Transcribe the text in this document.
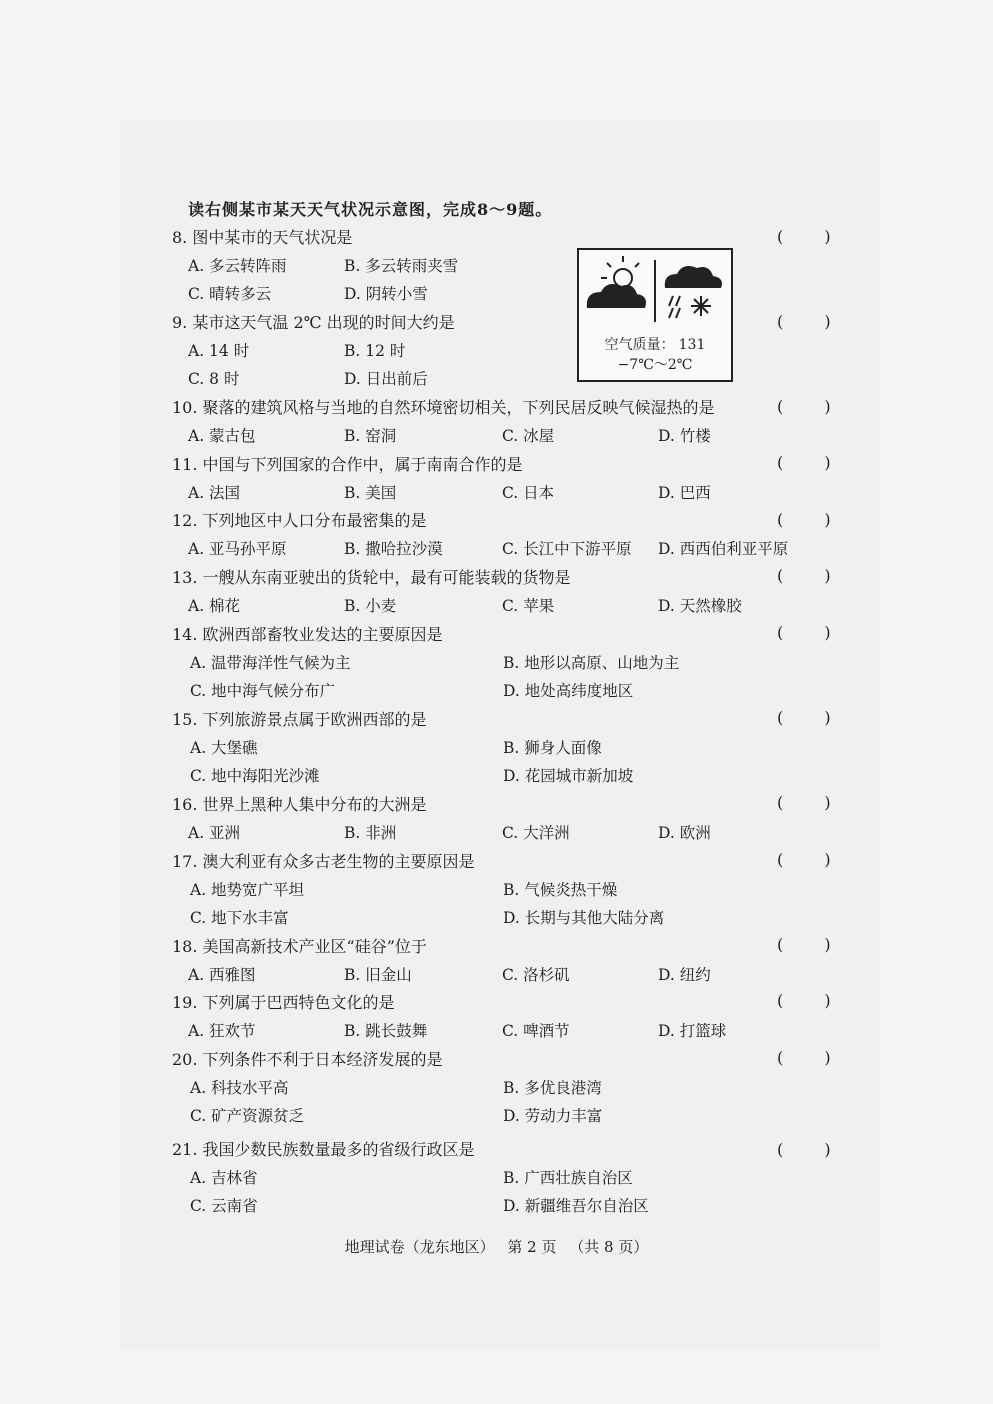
读右侧某市某天天气状况示意图，完成8～9题。
8. 图中某市的天气状况是	( )
A. 多云转阵雨	B. 多云转雨夹雪
C. 晴转多云	D. 阴转小雪
9. 某市这天气温 2℃ 出现的时间大约是	( )
A. 14 时	B. 12 时
C. 8 时	D. 日出前后
10. 聚落的建筑风格与当地的自然环境密切相关，下列民居反映气候湿热的是	( )
A. 蒙古包	B. 窑洞	C. 冰屋	D. 竹楼
11. 中国与下列国家的合作中，属于南南合作的是	( )
A. 法国	B. 美国	C. 日本	D. 巴西
12. 下列地区中人口分布最密集的是	( )
A. 亚马孙平原	B. 撒哈拉沙漠	C. 长江中下游平原 D. 西西伯利亚平原
13. 一艘从东南亚驶出的货轮中，最有可能装载的货物是	( )
A. 棉花	B. 小麦	C. 苹果	D. 天然橡胶
14. 欧洲西部畜牧业发达的主要原因是	( )
A. 温带海洋性气候为主	B. 地形以高原、山地为主
C. 地中海气候分布广	D. 地处高纬度地区
15. 下列旅游景点属于欧洲西部的是	( )
A. 大堡礁	B. 狮身人面像
C. 地中海阳光沙滩	D. 花园城市新加坡
16. 世界上黑种人集中分布的大洲是	( )
A. 亚洲	B. 非洲	C. 大洋洲	D. 欧洲
17. 澳大利亚有众多古老生物的主要原因是	( )
A. 地势宽广平坦	B. 气候炎热干燥
C. 地下水丰富	D. 长期与其他大陆分离
18. 美国高新技术产业区“硅谷”位于	( )
A. 西雅图	B. 旧金山	C. 洛杉矶	D. 纽约
19. 下列属于巴西特色文化的是	( )
A. 狂欢节	B. 跳长鼓舞	C. 啤酒节	D. 打篮球
20. 下列条件不利于日本经济发展的是	( )
A. 科技水平高	B. 多优良港湾
C. 矿产资源贫乏	D. 劳动力丰富
21. 我国少数民族数量最多的省级行政区是	( )
A. 吉林省	B. 广西壮族自治区
C. 云南省	D. 新疆维吾尔自治区
空气质量： 131
−7℃～2℃
地理试卷（龙东地区） 第 2 页 （共 8 页）
